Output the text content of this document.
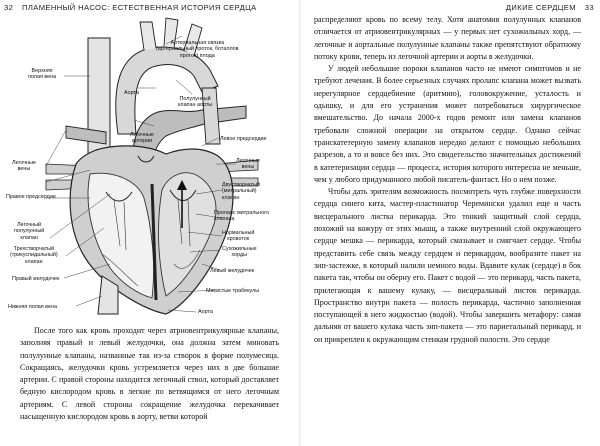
32 ПЛАМЕННЫЙ НАСОС: ЕСТЕСТВЕННАЯ ИСТОРИЯ СЕРДЦА
Артериальная связка
(артериальный проток, боталлов
проток) плода
Верхняя
полая вена
Аорта
Полулунный
клапан аорты
Легочные
артерии
Легочные
вены
Правое предсердие
Легочный
полулунный
клапан
Трехстворчатый
(трикуспидальный)
клапан
Правый желудочек
Нижняя полая вена
Левое предсердие
Легочные
вены
Двустворчатый
(митральный)
клапан
Пролапс митрального
клапана
Нормальный
кровоток
Сухожильные
хорды
Левый желудочек
Мясистые трабекулы
Аорта

После того как кровь проходит через атриовентрикулярные клапаны, заполняя правый и левый желудочки, она должна затем миновать полулунные клапаны, названные так из-за створок в форме полумесяца. Сокращаясь, желудочки кровь устремляется через них в две большие артерии. С правой стороны находится легочный ствол, который доставляет бедную кислородом кровь в легкие по ветвящимся от него легочным артериям. С левой стороны сокращение желудочка перекачивает насыщенную кислородом кровь в аорту, ветви которой

ДИКИЕ СЕРДЦЕМ 33

распределяют кровь по всему телу. Хотя анатомия полулунных клапанов отличается от атриовентрикулярных — у первых нет сухожильных хорд, — легочные и аортальные полулунные клапаны также препятствуют обратному потоку крови, теперь из легочной артерии и аорты в желудочки.

У людей небольшие пороки клапанов часто не имеют симптомов и не требуют лечения. В более серьезных случаях пролапс клапана может вызвать нерегулярное сердцебиение (аритмию), головокружение, усталость и одышку, и для его устранения может потребоваться хирургическое вмешательство. До начала 2000-х годов ремонт или замена клапанов требовали сложной операции на открытом сердце. Однако сейчас транскатетерную замену клапанов нередко делают с помощью небольших разрезов, а то и вовсе без них. Это свидетельство значительных достижений в катетеризации сердца — процесса, история которого интересна не меньше, чем у любого придуманного любой писатель-фантаст. Но о нем позже.

Чтобы дать зрителям возможность посмотреть чуть глубже поверхности сердца синего кита, мастер-пластинатор Черемински удалил еще и часть висцерального листка перикарда. Это тонкий защитный слой сердца, похожий на кожуру от этих мышц, а также внутренний слой окружающего сердце мешка — перикарда, который смазывает и смягчает сердце. Чтобы представить себе связь между сердцем и перикардом, вообразите пакет на зип-застежке, в который налили немного воды. Вдавите кулак (сердце) в бок пакета так, чтобы он оберну его. Пакет с водой — это перикард, часть пакета, прилегающая к вашему кулаку, — висцеральный листок перикарда. Пространство внутри пакета — полость перикарда, частично заполненная поступающей в него жидкостью (водой). Чтобы завершить метафору: самая дальняя от вашего кулака часть зип-пакета — это париетальный перикард, и он прикреплен к окружающим стенкам грудной полости. Это сердце
